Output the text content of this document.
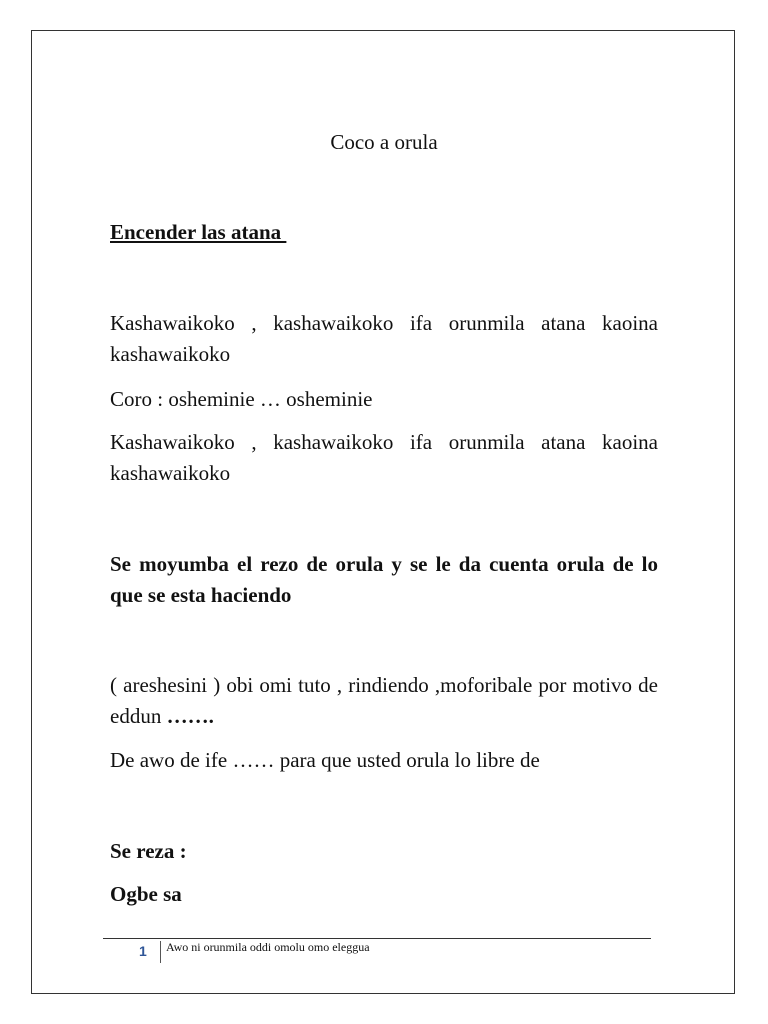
Coco a orula
Encender las atana
Kashawaikoko , kashawaikoko ifa orunmila atana kaoina kashawaikoko
Coro : osheminie … osheminie
Kashawaikoko , kashawaikoko ifa orunmila atana kaoina kashawaikoko
Se moyumba el rezo de orula y se le da cuenta orula de lo que se esta haciendo
( areshesini ) obi omi tuto , rindiendo ,moforibale por motivo de eddun …….
De awo de ife …… para que usted orula lo libre de
Se reza :
Ogbe sa
1 Awo ni orunmila oddi omolu omo eleggua
